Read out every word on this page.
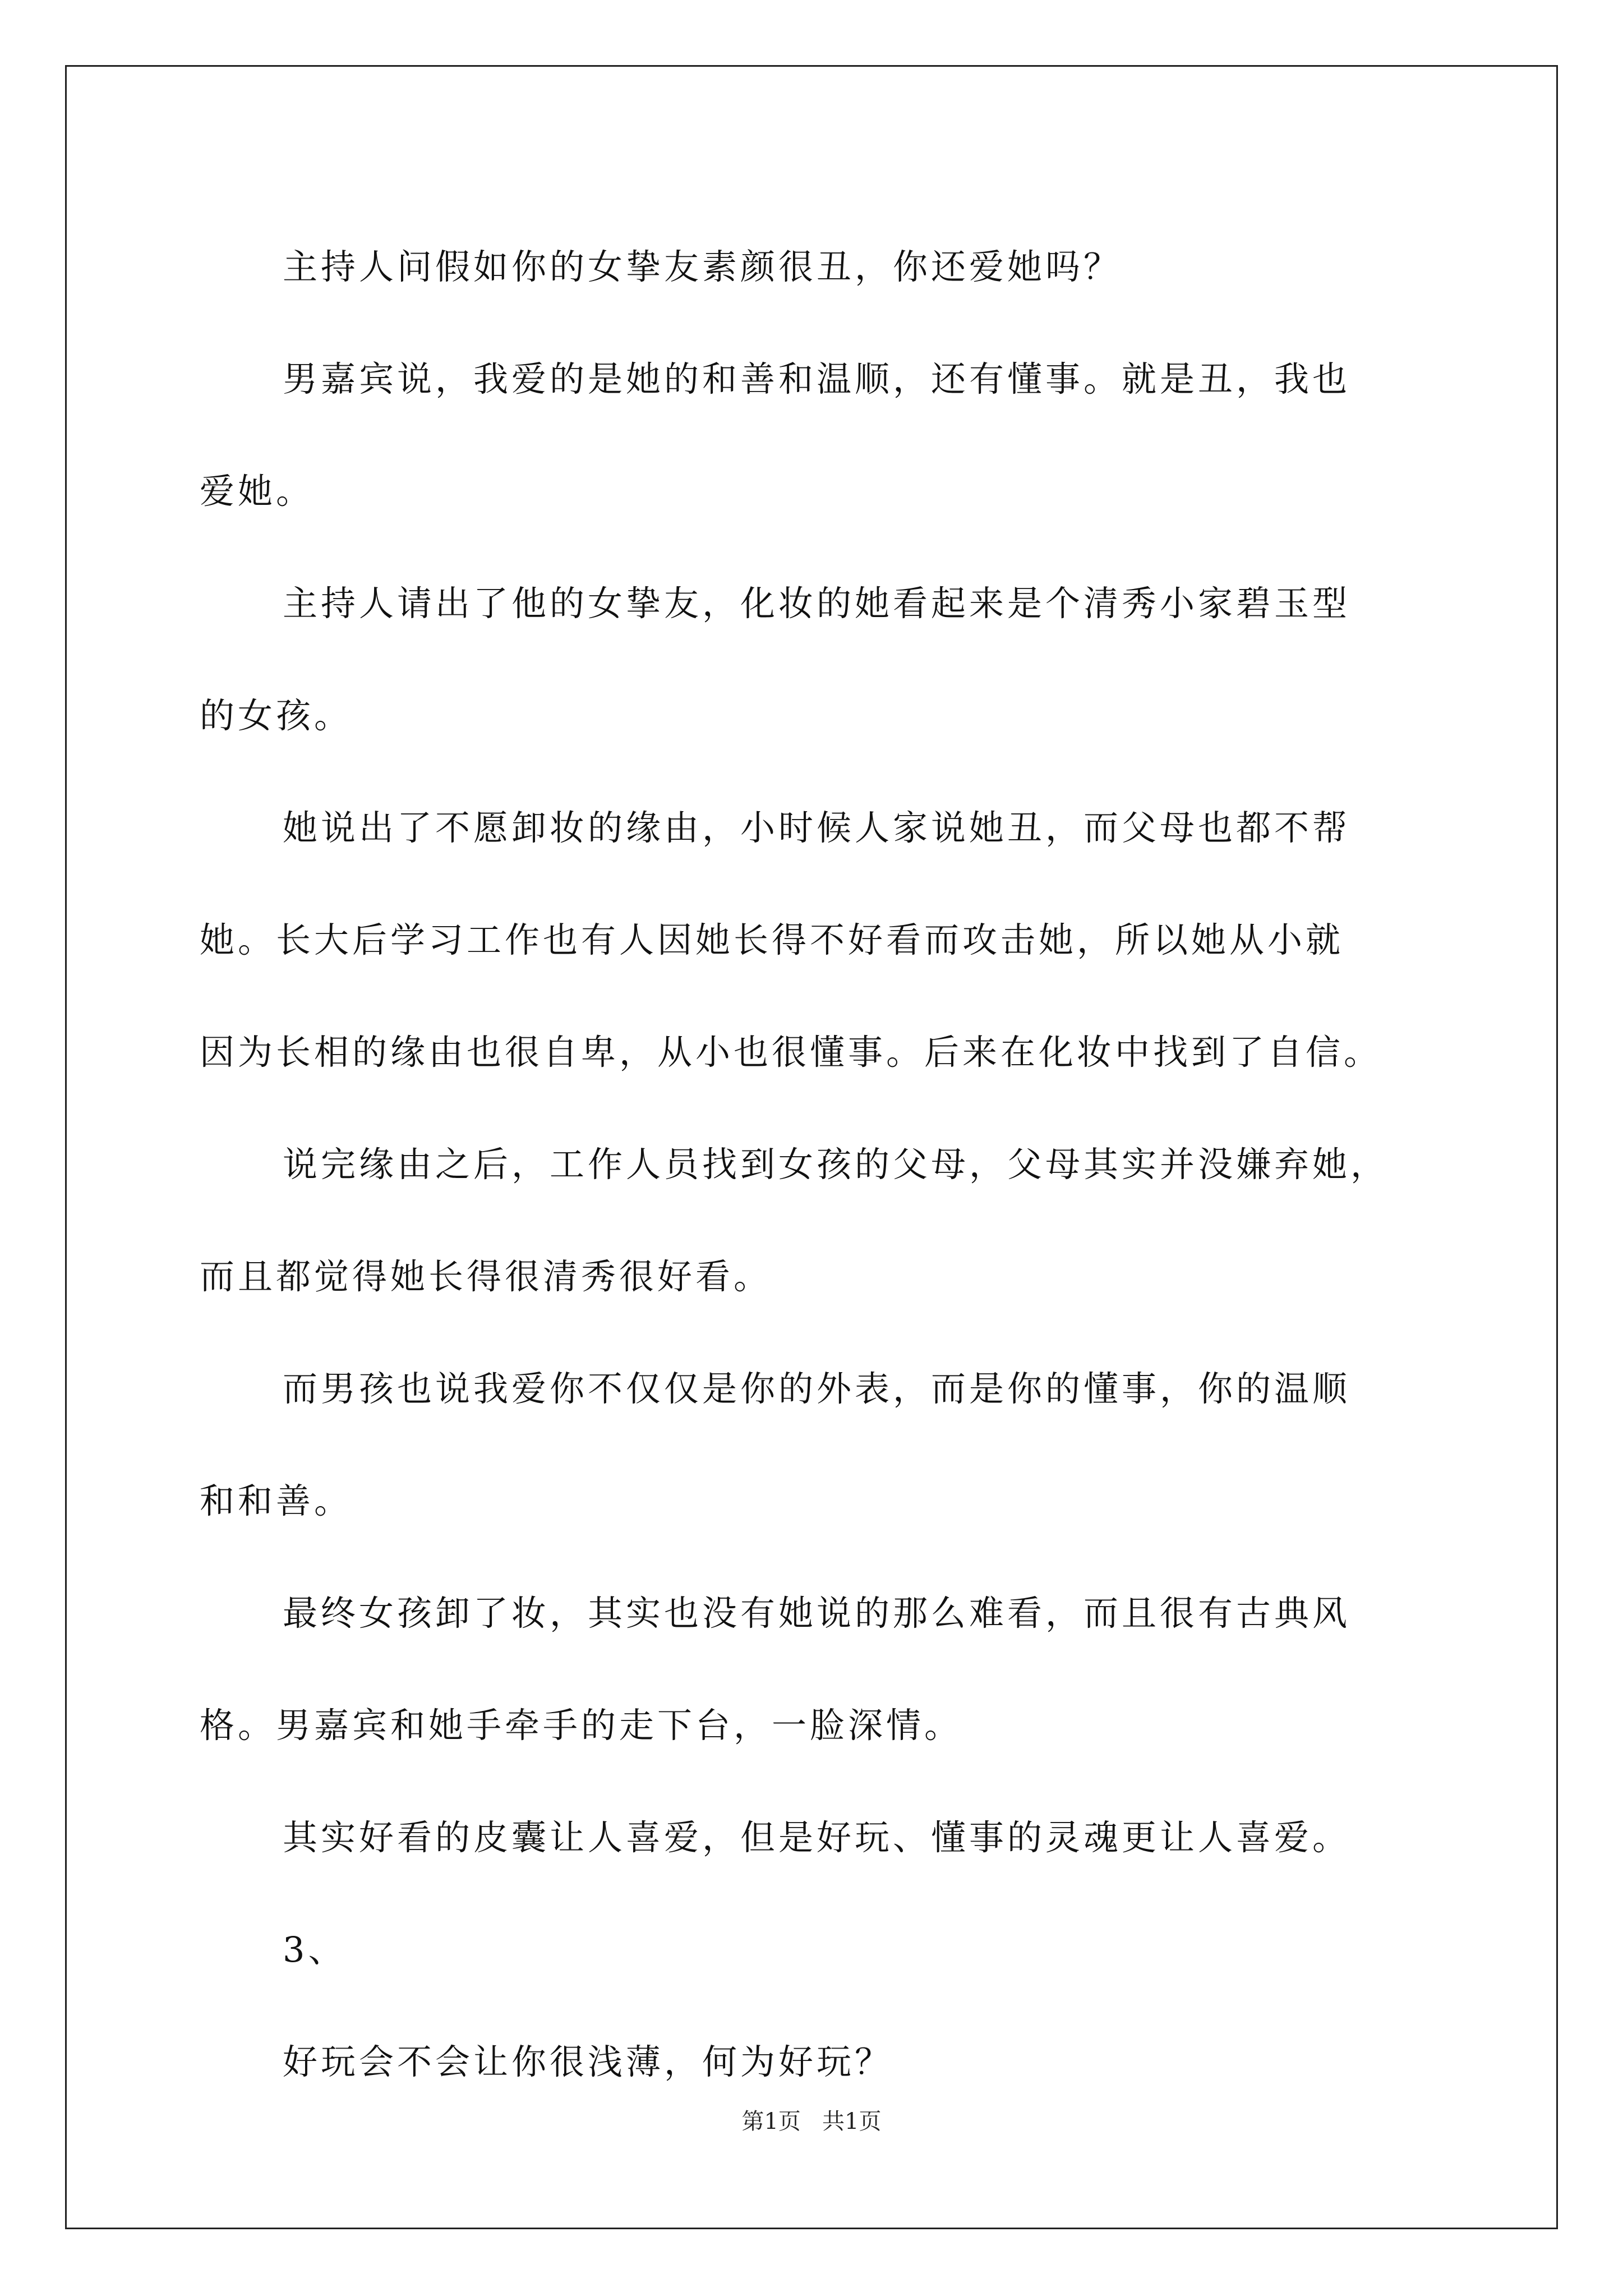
主持人问假如你的女挚友素颜很丑，你还爱她吗？
男嘉宾说，我爱的是她的和善和温顺，还有懂事。就是丑，我也
爱她。
主持人请出了他的女挚友，化妆的她看起来是个清秀小家碧玉型
的女孩。
她说出了不愿卸妆的缘由，小时候人家说她丑，而父母也都不帮
她。长大后学习工作也有人因她长得不好看而攻击她，所以她从小就
因为长相的缘由也很自卑，从小也很懂事。后来在化妆中找到了自信。
说完缘由之后，工作人员找到女孩的父母，父母其实并没嫌弃她，
而且都觉得她长得很清秀很好看。
而男孩也说我爱你不仅仅是你的外表，而是你的懂事，你的温顺
和和善。
最终女孩卸了妆，其实也没有她说的那么难看，而且很有古典风
格。男嘉宾和她手牵手的走下台，一脸深情。
其实好看的皮囊让人喜爱，但是好玩、懂事的灵魂更让人喜爱。
3、
好玩会不会让你很浅薄，何为好玩？
第1页   共1页
